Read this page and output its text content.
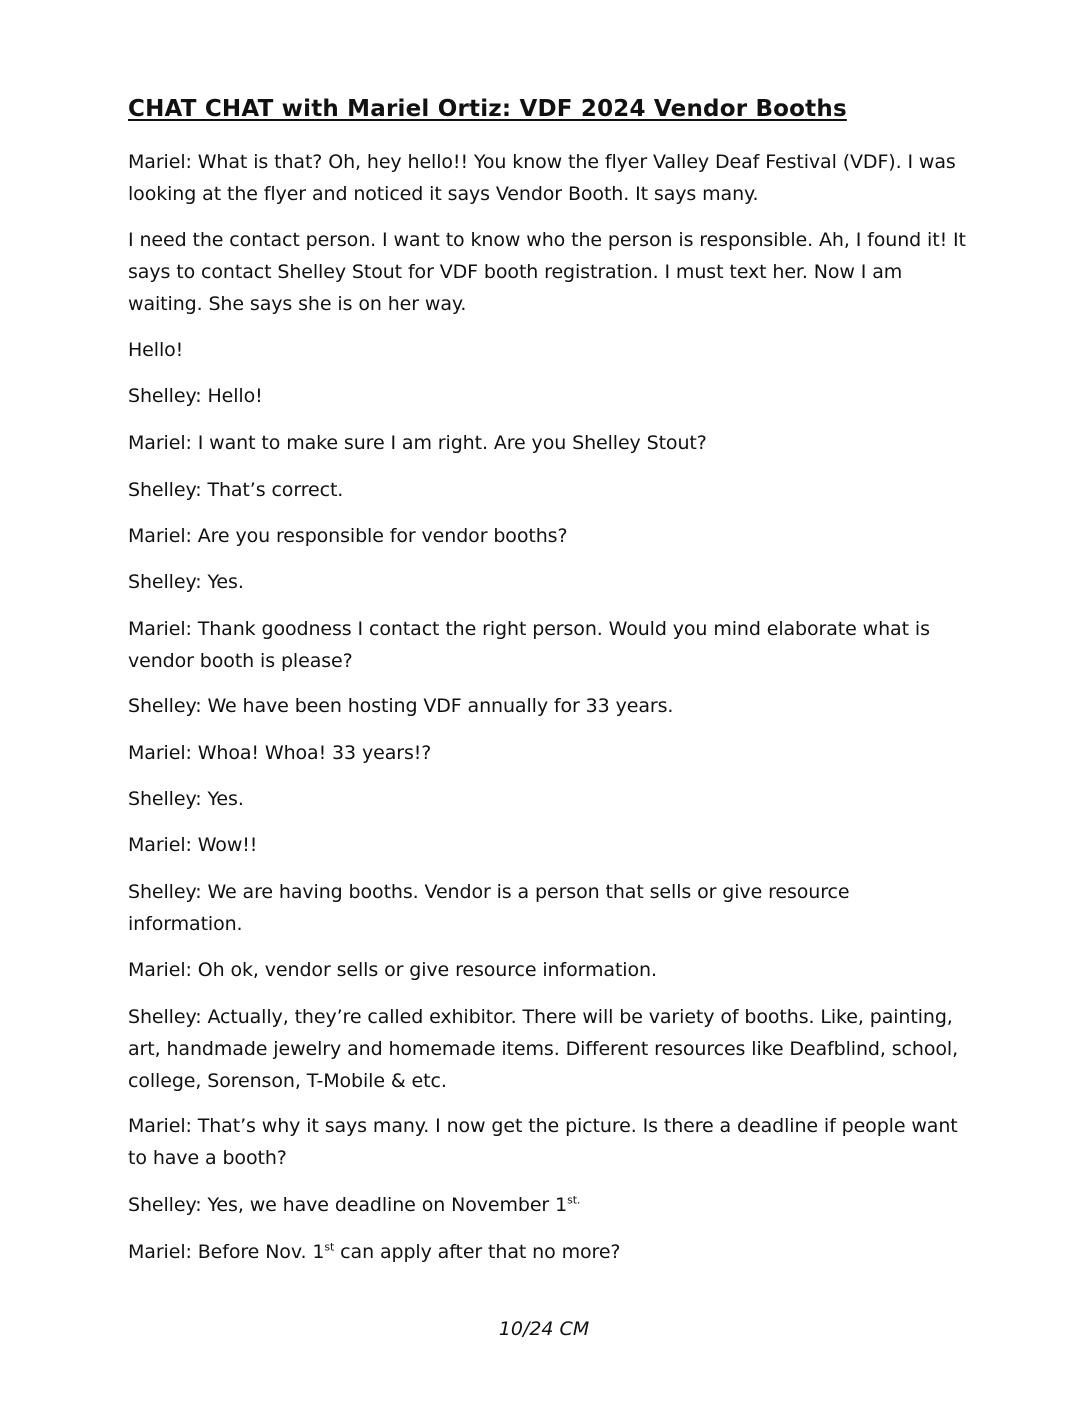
CHAT CHAT with Mariel Ortiz: VDF 2024 Vendor Booths

Mariel: What is that? Oh, hey hello!! You know the flyer Valley Deaf Festival (VDF). I was looking at the flyer and noticed it says Vendor Booth. It says many.

I need the contact person. I want to know who the person is responsible. Ah, I found it! It says to contact Shelley Stout for VDF booth registration. I must text her. Now I am waiting. She says she is on her way.

Hello!

Shelley: Hello!

Mariel: I want to make sure I am right. Are you Shelley Stout?

Shelley: That’s correct.

Mariel: Are you responsible for vendor booths?

Shelley: Yes.

Mariel: Thank goodness I contact the right person. Would you mind elaborate what is vendor booth is please?

Shelley: We have been hosting VDF annually for 33 years.

Mariel: Whoa! Whoa! 33 years!?

Shelley: Yes.

Mariel: Wow!!

Shelley: We are having booths. Vendor is a person that sells or give resource information.

Mariel: Oh ok, vendor sells or give resource information.

Shelley: Actually, they’re called exhibitor. There will be variety of booths. Like, painting, art, handmade jewelry and homemade items. Different resources like Deafblind, school, college, Sorenson, T-Mobile & etc.

Mariel: That’s why it says many. I now get the picture. Is there a deadline if people want to have a booth?

Shelley: Yes, we have deadline on November $1^{st.}$

Mariel: Before Nov. 1st can apply after that no more?

10/24 CM
